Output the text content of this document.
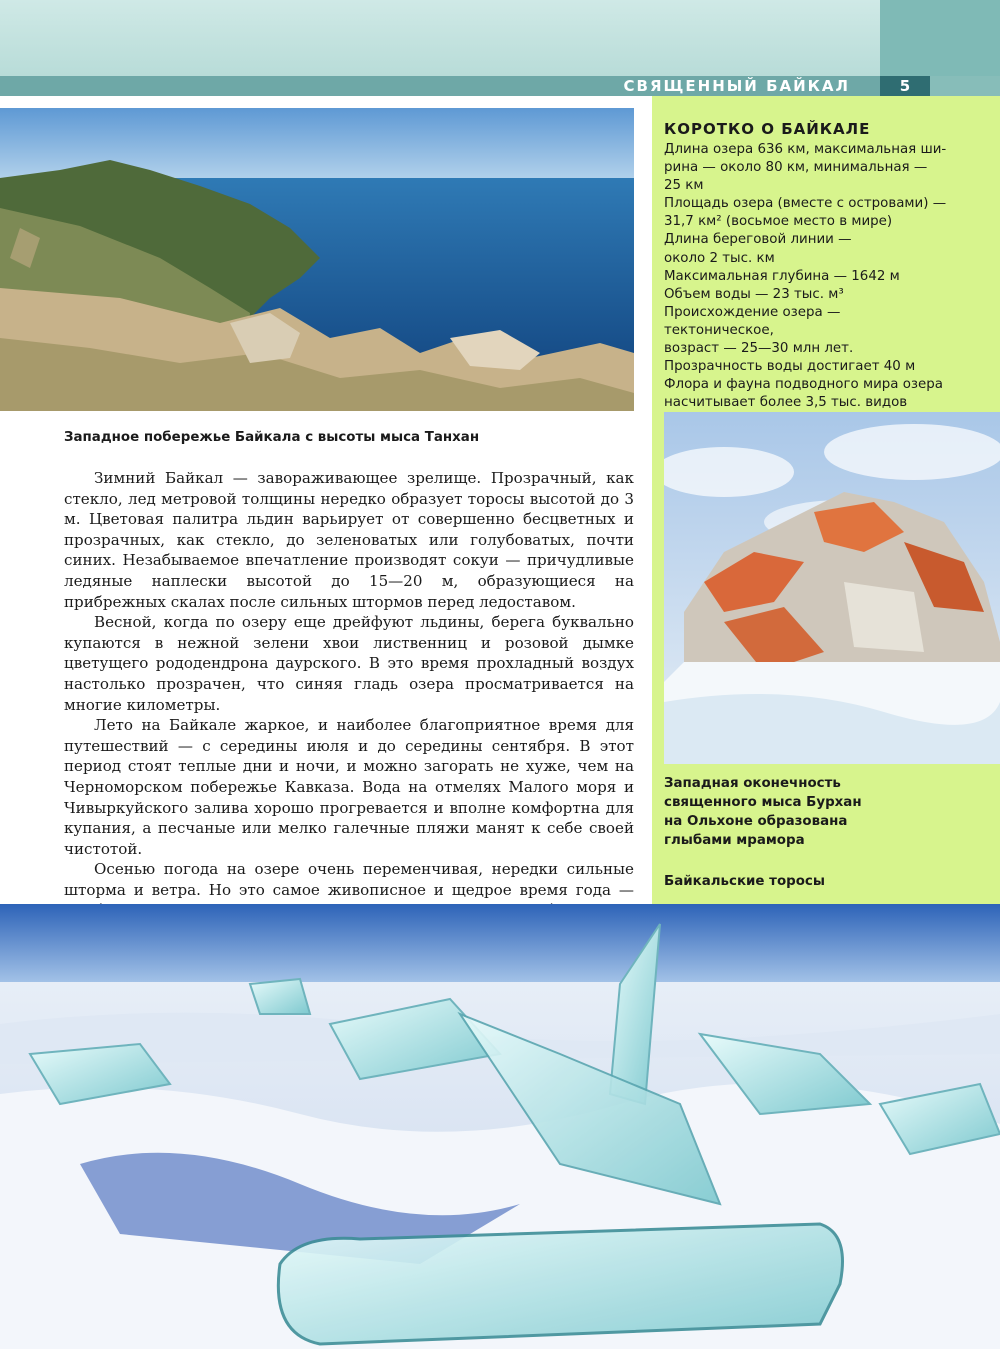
СВЯЩЕННЫЙ БАЙКАЛ	5
Западное побережье Байкала с высоты мыса Танхан
КОРОТКО О БАЙКАЛЕ
Длина озера 636 км, максимальная ши-
рина — около 80 км, минимальная —
25 км
Площадь озера (вместе с островами) —
31,7 км² (восьмое место в мире)
Длина береговой линии —
около 2 тыс. км
Максимальная глубина — 1642 м
Объем воды — 23 тыс. м³
Происхождение озера — тектоническое,
возраст — 25—30 млн лет.
Прозрачность воды достигает 40 м
Флора и фауна подводного мира озера
насчитывает более 3,5 тыс. видов
Западная оконечность
священного мыса Бурхан
на Ольхоне образована
глыбами мрамора
Байкальские торосы

Зимний Байкал — завораживающее зрелище. Прозрачный, как стекло, лед метровой толщины нередко образует торосы высотой до 3 м. Цветовая палитра льдин варьирует от совершенно бесцветных и прозрачных, как стекло, до зеленоватых или голубоватых, почти синих. Незабываемое впечатление производят сокуи — причудливые ледяные наплески высотой до 15—20 м, образующиеся на прибрежных скалах после сильных штормов перед ледоставом.

Весной, когда по озеру еще дрейфуют льдины, берега буквально купаются в нежной зелени хвои лиственниц и розовой дымке цветущего рододендрона даурского. В это время прохладный воздух настолько прозрачен, что синяя гладь озера просматривается на многие километры.

Лето на Байкале жаркое, и наиболее благоприятное время для путешествий — с середины июля и до середины сентября. В этот период стоят теплые дни и ночи, и можно загорать не хуже, чем на Черноморском побережье Кавказа. Вода на отмелях Малого моря и Чивыркуйского залива хорошо прогревается и вполне комфортна для купания, а песчаные или мелко галечные пляжи манят к себе своей чистотой.

Осенью погода на озере очень переменчивая, нередки сильные шторма и ветра. Но это самое живописное и щедрое время года —
